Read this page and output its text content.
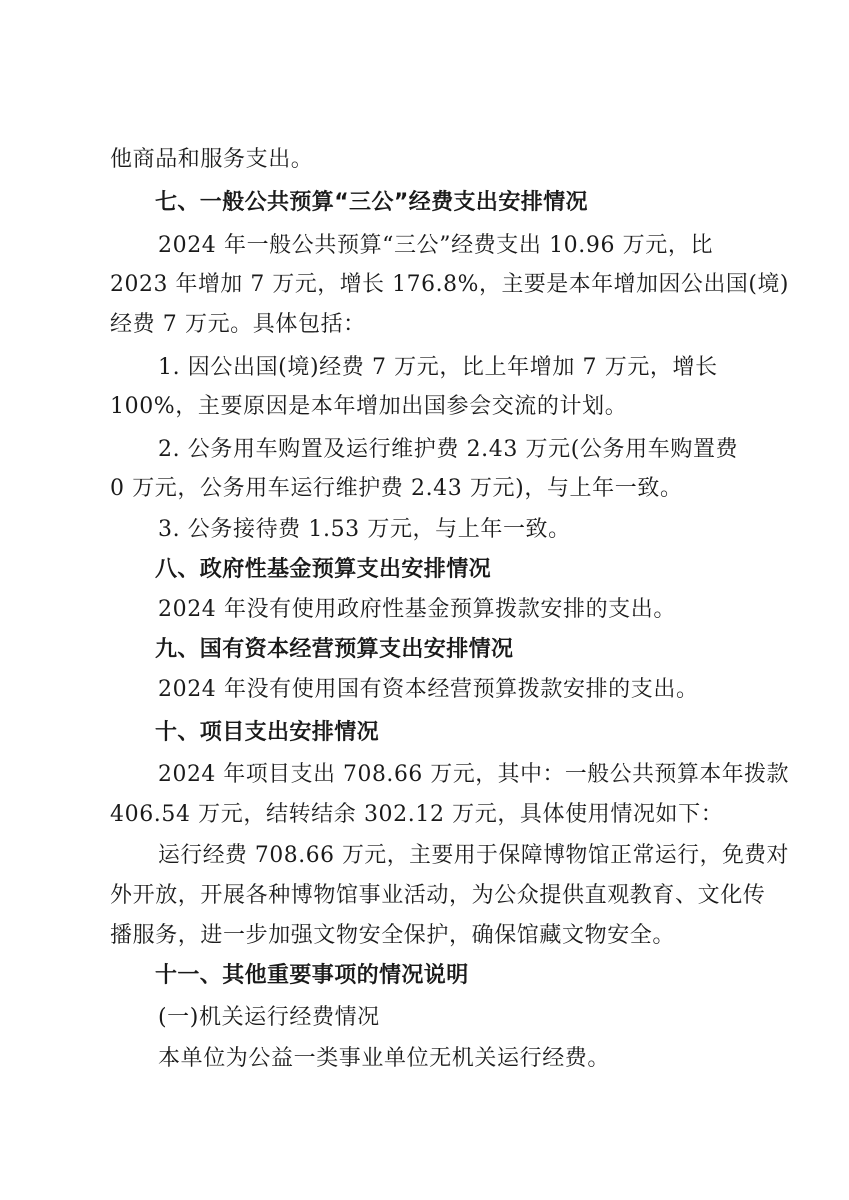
他商品和服务支出。
七、一般公共预算“三公”经费支出安排情况
2024 年一般公共预算“三公”经费支出 10.96 万元，比
2023 年增加 7 万元，增长 176.8%，主要是本年增加因公出国(境)
经费 7 万元。具体包括：
1. 因公出国(境)经费 7 万元，比上年增加 7 万元，增长
100%，主要原因是本年增加出国参会交流的计划。
2. 公务用车购置及运行维护费 2.43 万元(公务用车购置费
0 万元，公务用车运行维护费 2.43 万元)，与上年一致。
3. 公务接待费 1.53 万元，与上年一致。
八、政府性基金预算支出安排情况
2024 年没有使用政府性基金预算拨款安排的支出。
九、国有资本经营预算支出安排情况
2024 年没有使用国有资本经营预算拨款安排的支出。
十、项目支出安排情况
2024 年项目支出 708.66 万元，其中：一般公共预算本年拨款
406.54 万元，结转结余 302.12 万元，具体使用情况如下：
运行经费 708.66 万元，主要用于保障博物馆正常运行，免费对
外开放，开展各种博物馆事业活动，为公众提供直观教育、文化传
播服务，进一步加强文物安全保护，确保馆藏文物安全。
十一、其他重要事项的情况说明
(一)机关运行经费情况
本单位为公益一类事业单位无机关运行经费。
